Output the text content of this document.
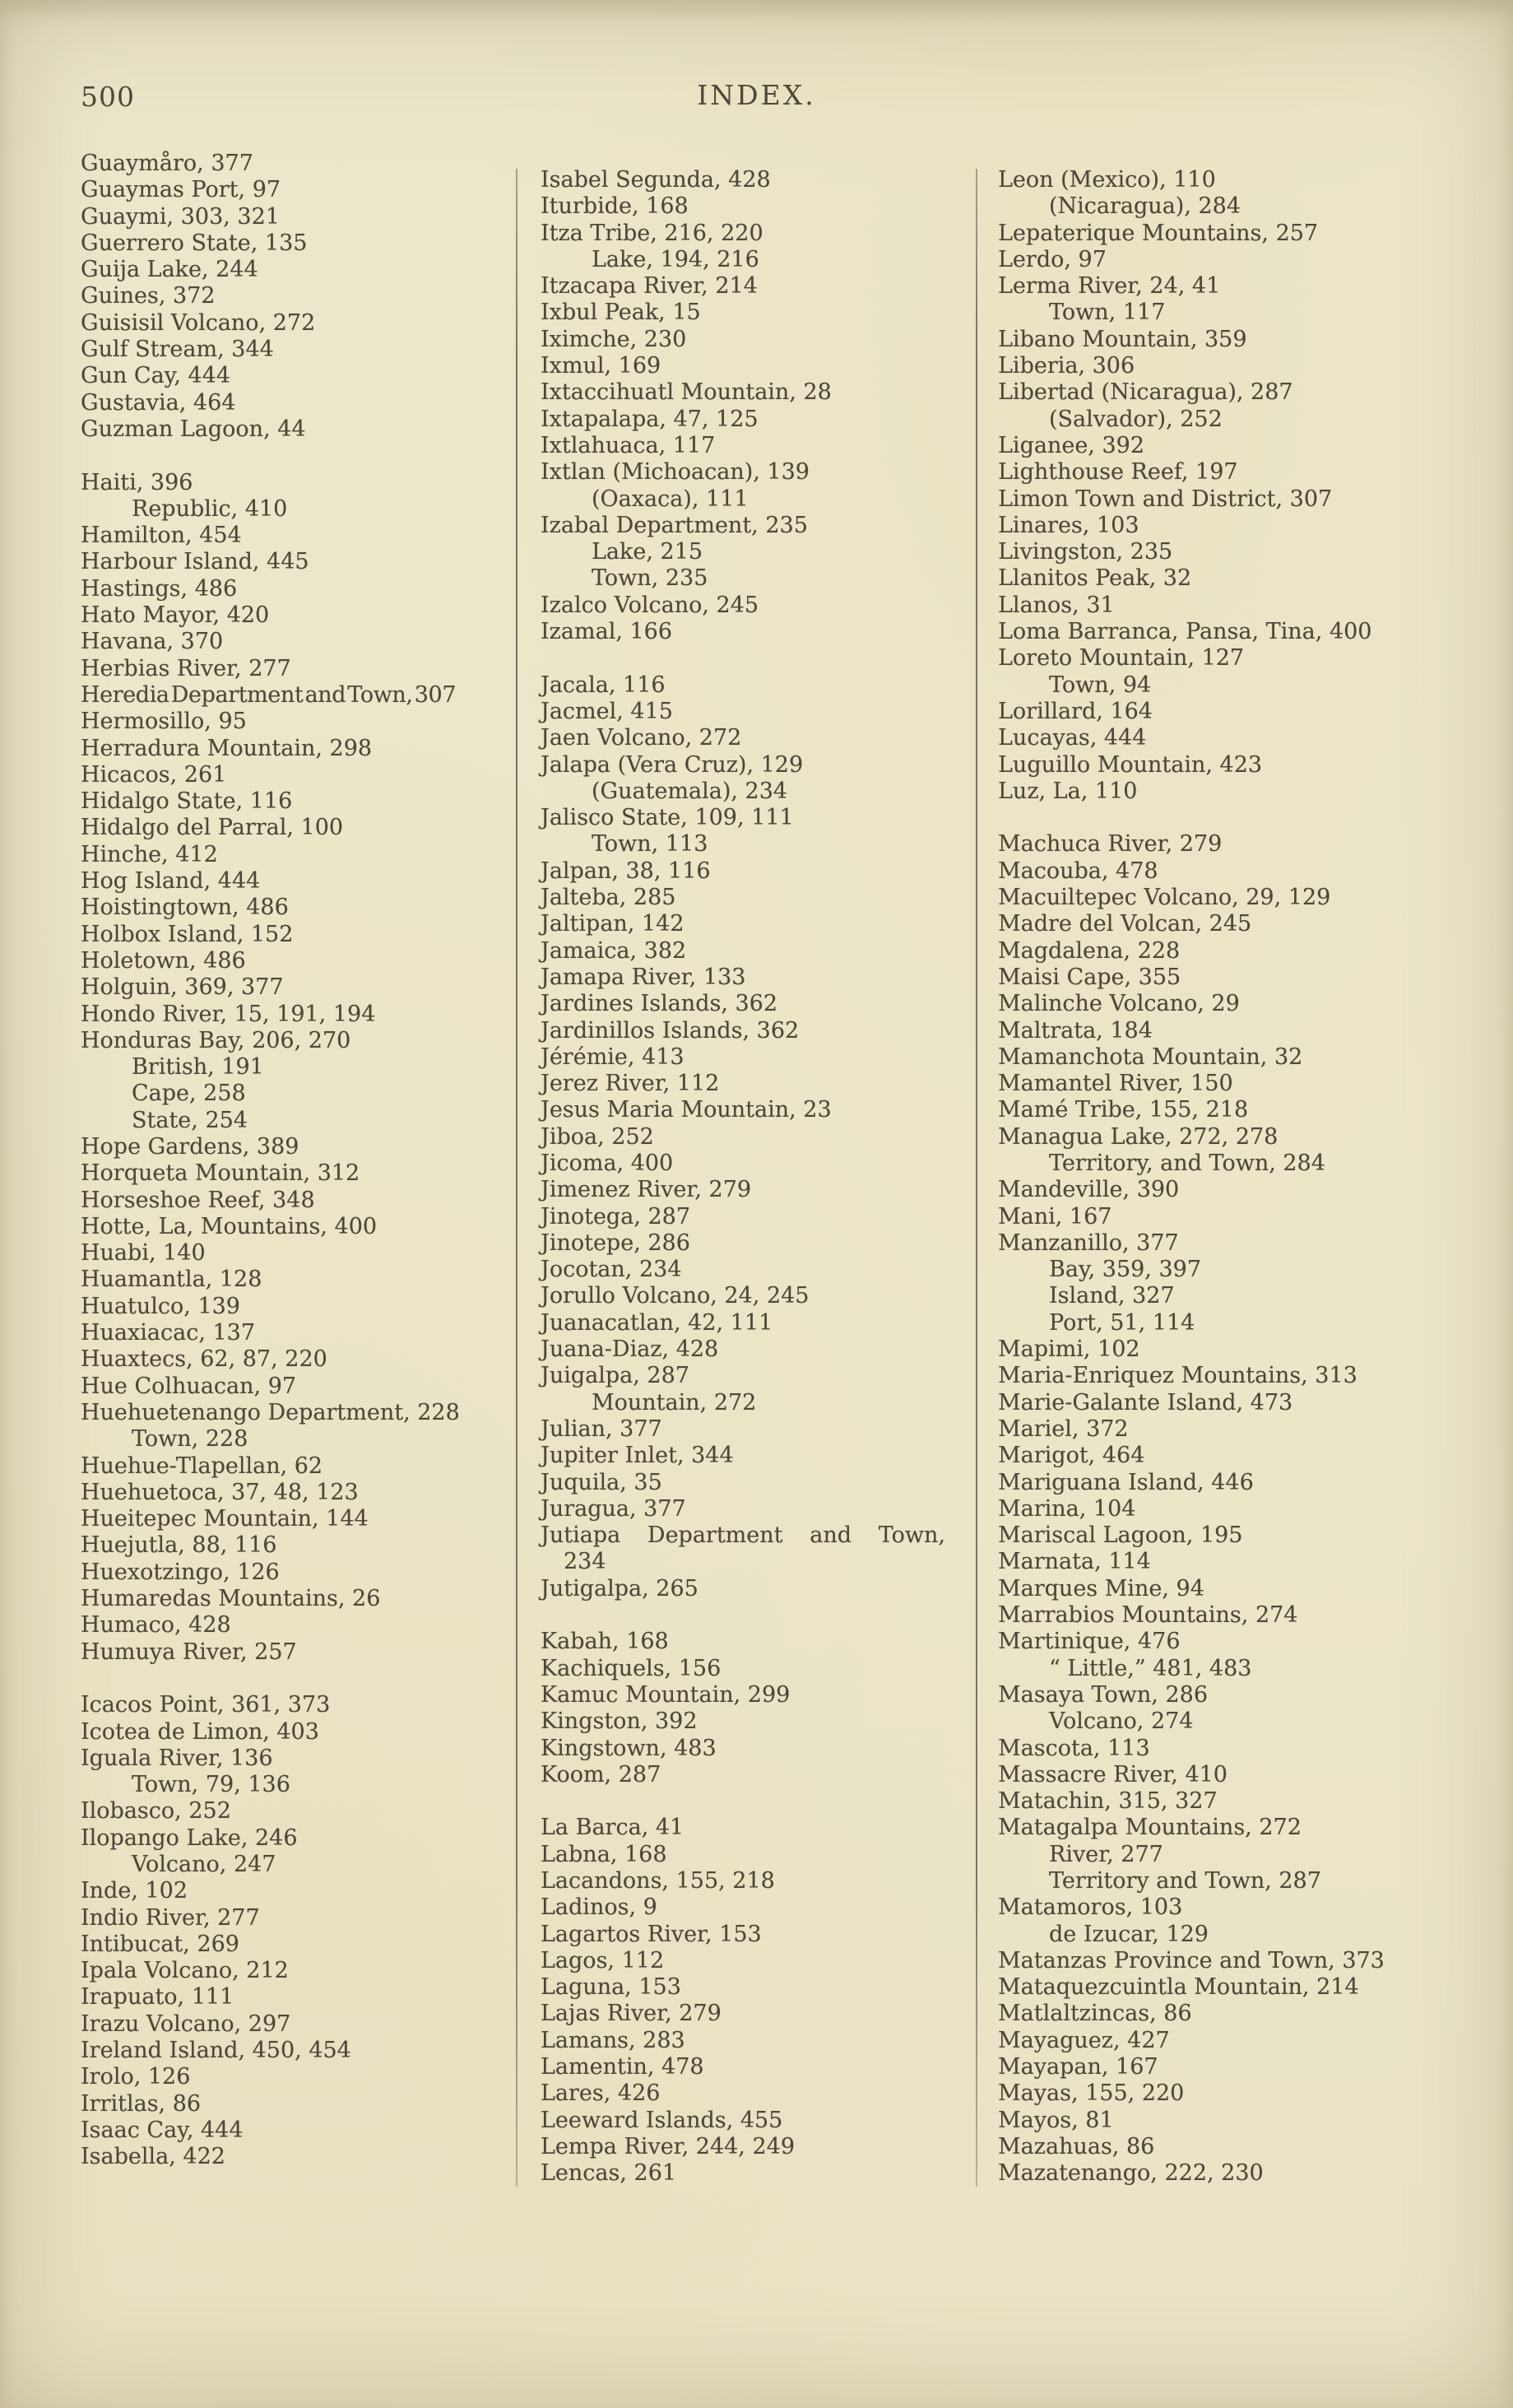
500	INDEX.
Guaymåro, 377
Guaymas Port, 97
Guaymi, 303, 321
Guerrero State, 135
Guija Lake, 244
Guines, 372
Guisisil Volcano, 272
Gulf Stream, 344
Gun Cay, 444
Gustavia, 464
Guzman Lagoon, 44
Haiti, 396
Republic, 410
Hamilton, 454
Harbour Island, 445
Hastings, 486
Hato Mayor, 420
Havana, 370
Herbias River, 277
Heredia Department and Town, 307
Hermosillo, 95
Herradura Mountain, 298
Hicacos, 261
Hidalgo State, 116
Hidalgo del Parral, 100
Hinche, 412
Hog Island, 444
Hoistingtown, 486
Holbox Island, 152
Holetown, 486
Holguin, 369, 377
Hondo River, 15, 191, 194
Honduras Bay, 206, 270
British, 191
Cape, 258
State, 254
Hope Gardens, 389
Horqueta Mountain, 312
Horseshoe Reef, 348
Hotte, La, Mountains, 400
Huabi, 140
Huamantla, 128
Huatulco, 139
Huaxiacac, 137
Huaxtecs, 62, 87, 220
Hue Colhuacan, 97
Huehuetenango Department, 228
Town, 228
Huehue-Tlapellan, 62
Huehuetoca, 37, 48, 123
Hueitepec Mountain, 144
Huejutla, 88, 116
Huexotzingo, 126
Humaredas Mountains, 26
Humaco, 428
Humuya River, 257
Icacos Point, 361, 373
Icotea de Limon, 403
Iguala River, 136
Town, 79, 136
Ilobasco, 252
Ilopango Lake, 246
Volcano, 247
Inde, 102
Indio River, 277
Intibucat, 269
Ipala Volcano, 212
Irapuato, 111
Irazu Volcano, 297
Ireland Island, 450, 454
Irolo, 126
Irritlas, 86
Isaac Cay, 444
Isabella, 422
Isabel Segunda, 428
Iturbide, 168
Itza Tribe, 216, 220
Lake, 194, 216
Itzacapa River, 214
Ixbul Peak, 15
Iximche, 230
Ixmul, 169
Ixtaccihuatl Mountain, 28
Ixtapalapa, 47, 125
Ixtlahuaca, 117
Ixtlan (Michoacan), 139
(Oaxaca), 111
Izabal Department, 235
Lake, 215
Town, 235
Izalco Volcano, 245
Izamal, 166
Jacala, 116
Jacmel, 415
Jaen Volcano, 272
Jalapa (Vera Cruz), 129
(Guatemala), 234
Jalisco State, 109, 111
Town, 113
Jalpan, 38, 116
Jalteba, 285
Jaltipan, 142
Jamaica, 382
Jamapa River, 133
Jardines Islands, 362
Jardinillos Islands, 362
Jérémie, 413
Jerez River, 112
Jesus Maria Mountain, 23
Jiboa, 252
Jicoma, 400
Jimenez River, 279
Jinotega, 287
Jinotepe, 286
Jocotan, 234
Jorullo Volcano, 24, 245
Juanacatlan, 42, 111
Juana-Diaz, 428
Juigalpa, 287
Mountain, 272
Julian, 377
Jupiter Inlet, 344
Juquila, 35
Juragua, 377
Jutiapa Department and Town,
234
Jutigalpa, 265
Kabah, 168
Kachiquels, 156
Kamuc Mountain, 299
Kingston, 392
Kingstown, 483
Koom, 287
La Barca, 41
Labna, 168
Lacandons, 155, 218
Ladinos, 9
Lagartos River, 153
Lagos, 112
Laguna, 153
Lajas River, 279
Lamans, 283
Lamentin, 478
Lares, 426
Leeward Islands, 455
Lempa River, 244, 249
Lencas, 261
Leon (Mexico), 110
(Nicaragua), 284
Lepaterique Mountains, 257
Lerdo, 97
Lerma River, 24, 41
Town, 117
Libano Mountain, 359
Liberia, 306
Libertad (Nicaragua), 287
(Salvador), 252
Liganee, 392
Lighthouse Reef, 197
Limon Town and District, 307
Linares, 103
Livingston, 235
Llanitos Peak, 32
Llanos, 31
Loma Barranca, Pansa, Tina, 400
Loreto Mountain, 127
Town, 94
Lorillard, 164
Lucayas, 444
Luguillo Mountain, 423
Luz, La, 110
Machuca River, 279
Macouba, 478
Macuiltepec Volcano, 29, 129
Madre del Volcan, 245
Magdalena, 228
Maisi Cape, 355
Malinche Volcano, 29
Maltrata, 184
Mamanchota Mountain, 32
Mamantel River, 150
Mamé Tribe, 155, 218
Managua Lake, 272, 278
Territory, and Town, 284
Mandeville, 390
Mani, 167
Manzanillo, 377
Bay, 359, 397
Island, 327
Port, 51, 114
Mapimi, 102
Maria-Enriquez Mountains, 313
Marie-Galante Island, 473
Mariel, 372
Marigot, 464
Mariguana Island, 446
Marina, 104
Mariscal Lagoon, 195
Marnata, 114
Marques Mine, 94
Marrabios Mountains, 274
Martinique, 476
“ Little,” 481, 483
Masaya Town, 286
Volcano, 274
Mascota, 113
Massacre River, 410
Matachin, 315, 327
Matagalpa Mountains, 272
River, 277
Territory and Town, 287
Matamoros, 103
de Izucar, 129
Matanzas Province and Town, 373
Mataquezcuintla Mountain, 214
Matlaltzincas, 86
Mayaguez, 427
Mayapan, 167
Mayas, 155, 220
Mayos, 81
Mazahuas, 86
Mazatenango, 222, 230
